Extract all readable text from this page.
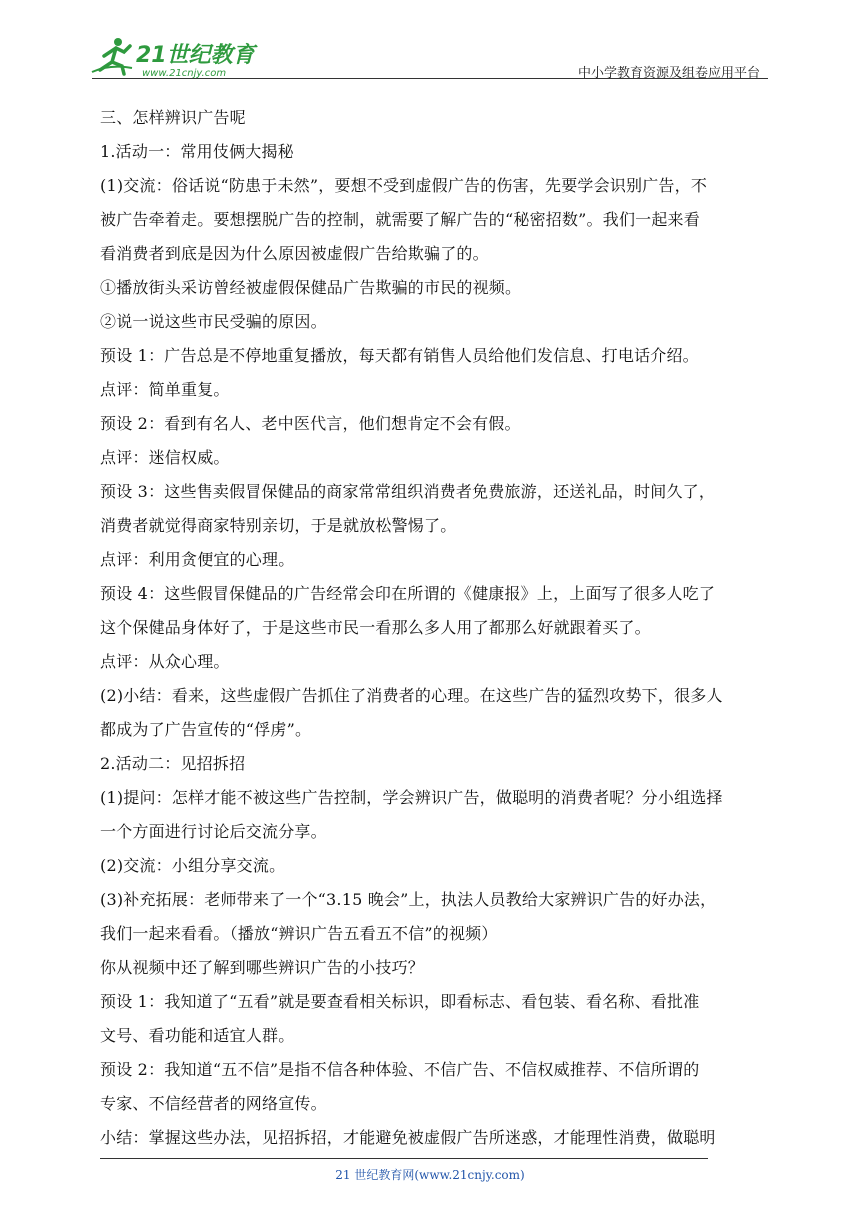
21世纪教育
www.21cnjy.com	中小学教育资源及组卷应用平台
三、怎样辨识广告呢
1.活动一：常用伎俩大揭秘
(1)交流：俗话说“防患于未然”，要想不受到虚假广告的伤害，先要学会识别广告，不
被广告牵着走。要想摆脱广告的控制，就需要了解广告的“秘密招数”。我们一起来看
看消费者到底是因为什么原因被虚假广告给欺骗了的。
①播放街头采访曾经被虚假保健品广告欺骗的市民的视频。
②说一说这些市民受骗的原因。
预设 1：广告总是不停地重复播放，每天都有销售人员给他们发信息、打电话介绍。
点评：简单重复。
预设 2：看到有名人、老中医代言，他们想肯定不会有假。
点评：迷信权威。
预设 3：这些售卖假冒保健品的商家常常组织消费者免费旅游，还送礼品，时间久了，
消费者就觉得商家特别亲切，于是就放松警惕了。
点评：利用贪便宜的心理。
预设 4：这些假冒保健品的广告经常会印在所谓的《健康报》上，上面写了很多人吃了
这个保健品身体好了，于是这些市民一看那么多人用了都那么好就跟着买了。
点评：从众心理。
(2)小结：看来，这些虚假广告抓住了消费者的心理。在这些广告的猛烈攻势下，很多人
都成为了广告宣传的“俘虏”。
2.活动二：见招拆招
(1)提问：怎样才能不被这些广告控制，学会辨识广告，做聪明的消费者呢？分小组选择
一个方面进行讨论后交流分享。
(2)交流：小组分享交流。
(3)补充拓展：老师带来了一个“3.15 晚会”上，执法人员教给大家辨识广告的好办法，
我们一起来看看。（播放“辨识广告五看五不信”的视频）
你从视频中还了解到哪些辨识广告的小技巧？
预设 1：我知道了“五看”就是要查看相关标识，即看标志、看包装、看名称、看批准
文号、看功能和适宜人群。
预设 2：我知道“五不信”是指不信各种体验、不信广告、不信权威推荐、不信所谓的
专家、不信经营者的网络宣传。
小结：掌握这些办法，见招拆招，才能避免被虚假广告所迷惑，才能理性消费，做聪明
21 世纪教育网(www.21cnjy.com)
